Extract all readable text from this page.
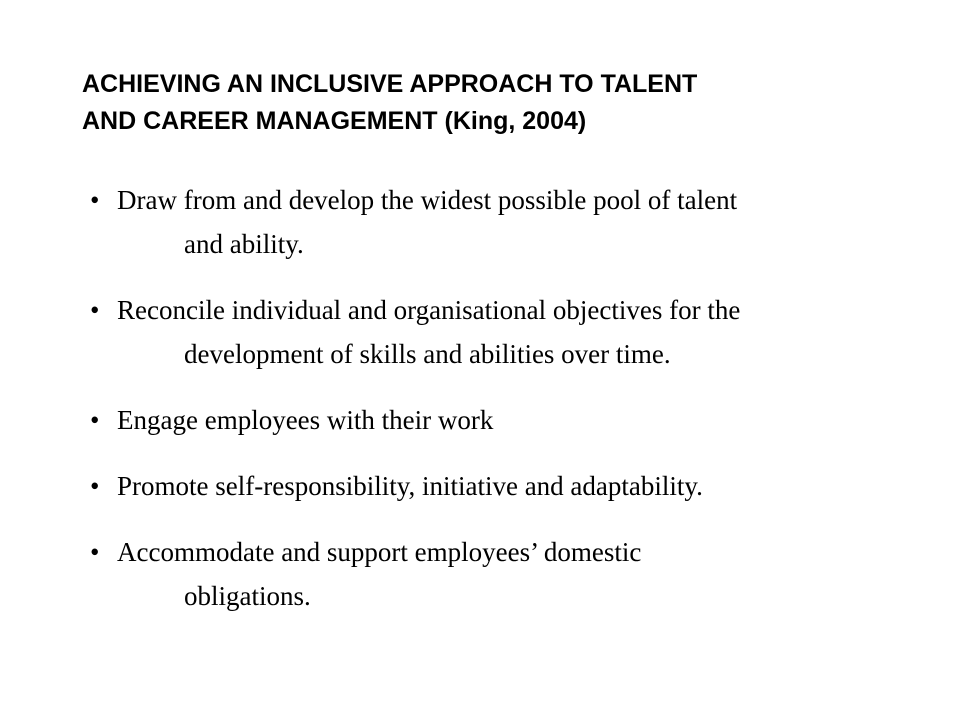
ACHIEVING AN INCLUSIVE APPROACH TO TALENT
AND CAREER MANAGEMENT (King, 2004)
• Draw from and develop the widest possible pool of talent
and ability.
• Reconcile individual and organisational objectives for the
development of skills and abilities over time.
• Engage employees with their work
• Promote self-responsibility, initiative and adaptability.
• Accommodate and support employees’ domestic
obligations.
